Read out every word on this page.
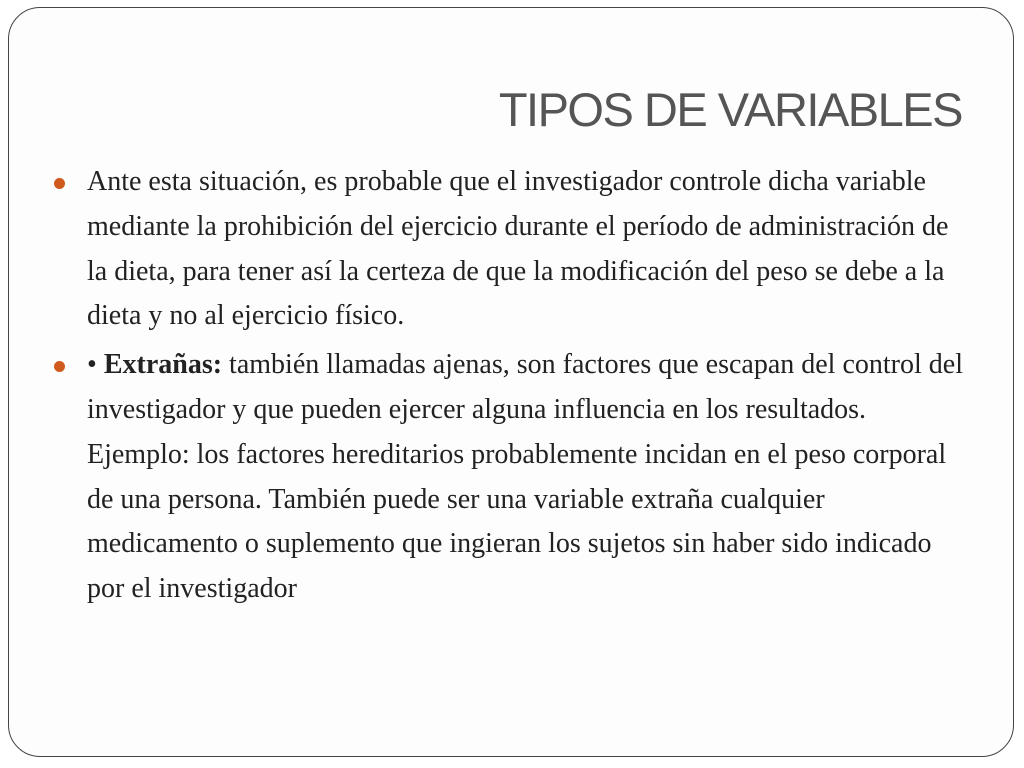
TIPOS DE VARIABLES
Ante esta situación, es probable que el investigador controle dicha variable mediante la prohibición del ejercicio durante el período de administración de la dieta, para tener así la certeza de que la modificación del peso se debe a la dieta y no al ejercicio físico.
• Extrañas: también llamadas ajenas, son factores que escapan del control del investigador y que pueden ejercer alguna influencia en los resultados. Ejemplo: los factores hereditarios probablemente incidan en el peso corporal de una persona. También puede ser una variable extraña cualquier medicamento o suplemento que ingieran los sujetos sin haber sido indicado por el investigador
